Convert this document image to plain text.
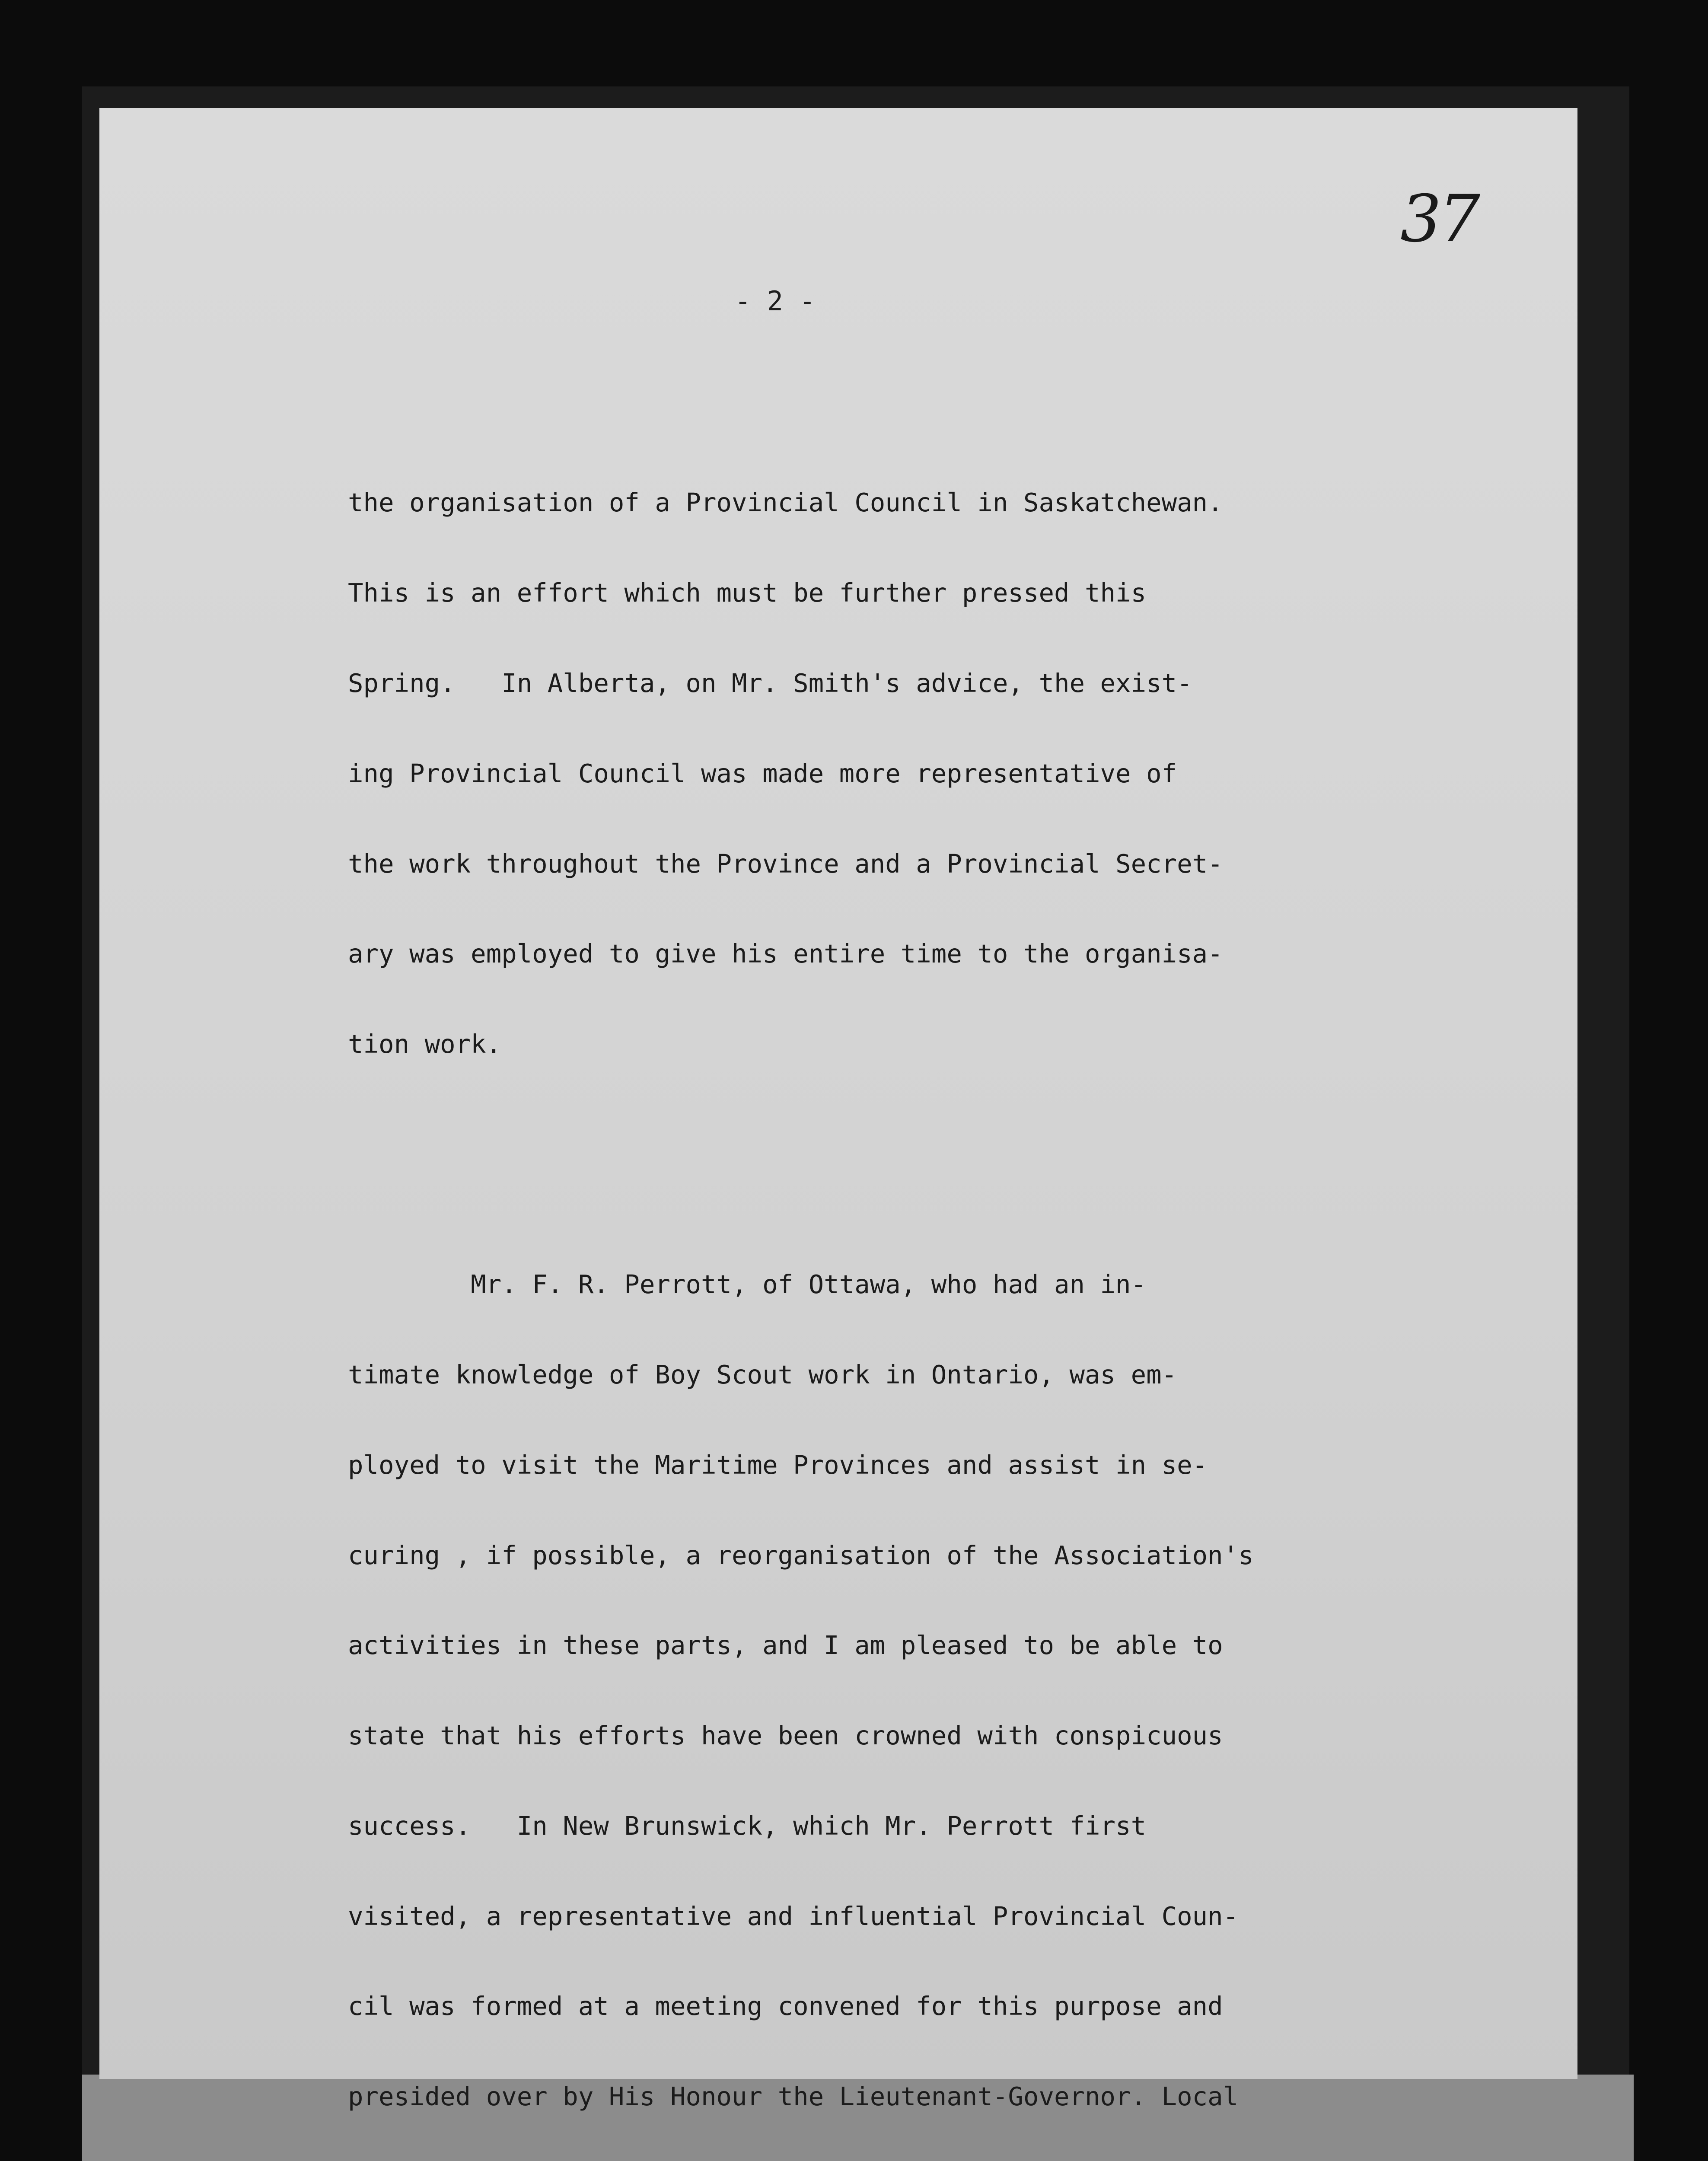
37
- 2 -

the organisation of a Provincial Council in Saskatchewan.

This is an effort which must be further pressed this

Spring.   In Alberta, on Mr. Smith's advice, the exist-

ing Provincial Council was made more representative of

the work throughout the Province and a Provincial Secret-

ary was employed to give his entire time to the organisa-

tion work.

Mr. F. R. Perrott, of Ottawa, who had an in-

timate knowledge of Boy Scout work in Ontario, was em-

ployed to visit the Maritime Provinces and assist in se-

curing , if possible, a reorganisation of the Association's

activities in these parts, and I am pleased to be able to

state that his efforts have been crowned with conspicuous

success.   In New Brunswick, which Mr. Perrott first

visited, a representative and influential Provincial Coun-

cil was formed at a meeting convened for this purpose and

presided over by His Honour the Lieutenant-Governor. Local
